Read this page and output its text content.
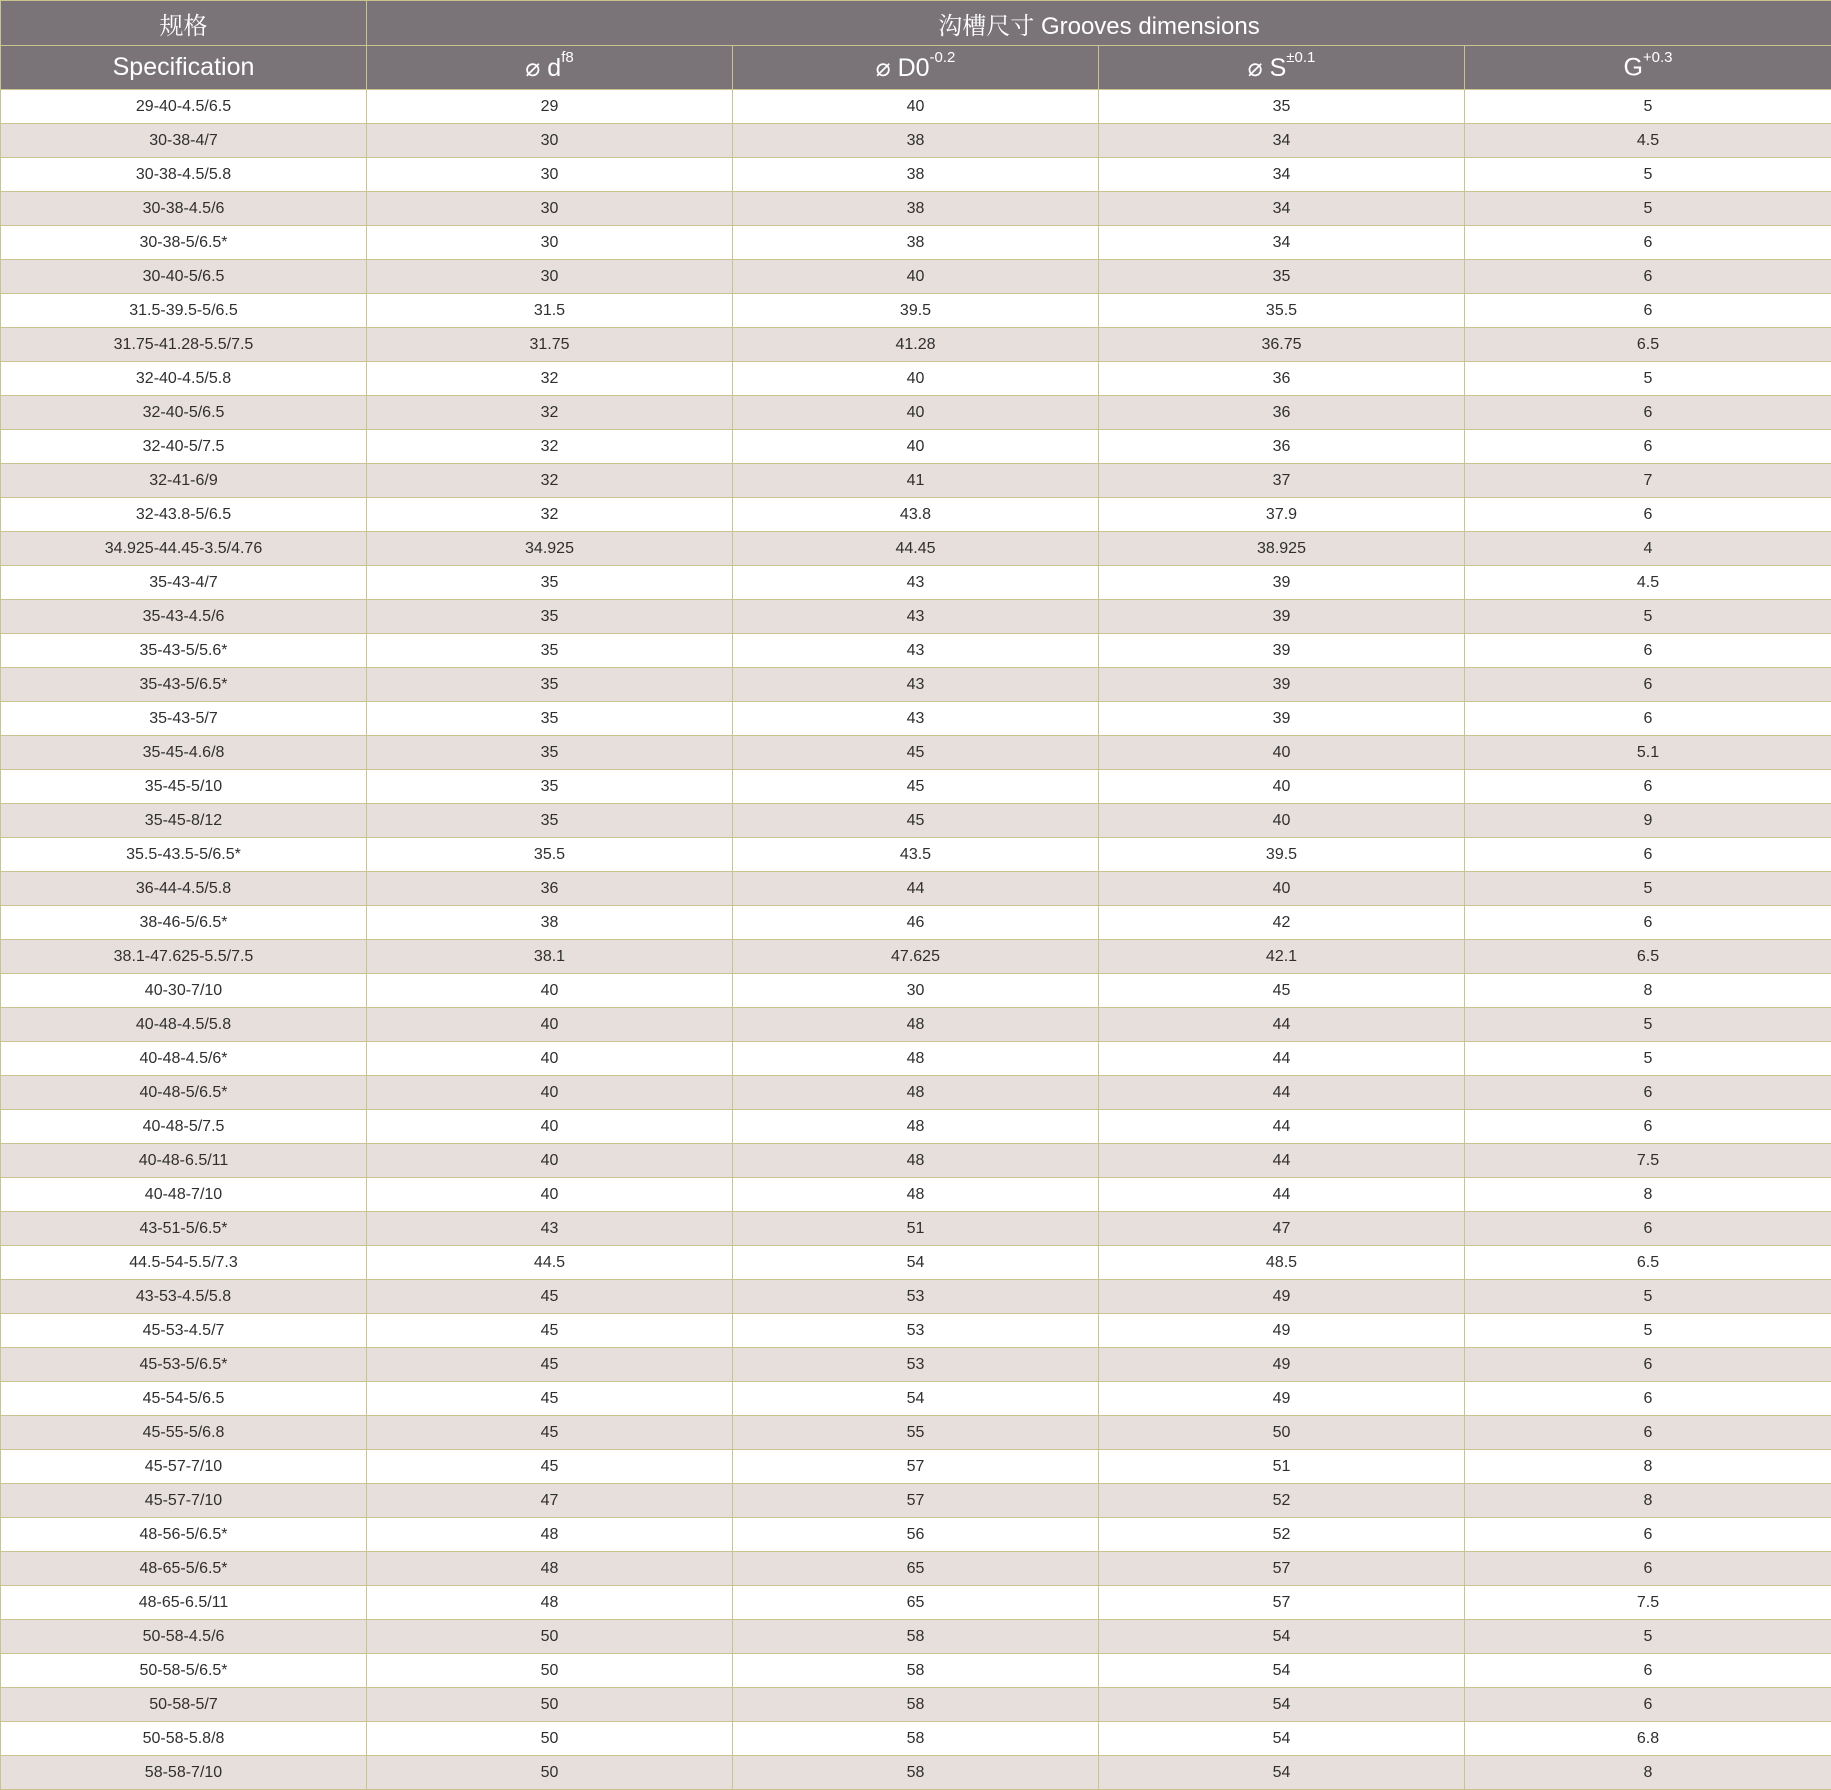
规格	沟槽尺寸 Grooves dimensions			
Specification	⌀ $d^{f8}$	⌀ $D0^{-0.2}$	⌀ $S^{\pm 0.1}$	$G^{+0.3}$
29-40-4.5/6.5	29	40	35	5
30-38-4/7	30	38	34	4.5
30-38-4.5/5.8	30	38	34	5
30-38-4.5/6	30	38	34	5
30-38-5/6.5*	30	38	34	6
30-40-5/6.5	30	40	35	6
31.5-39.5-5/6.5	31.5	39.5	35.5	6
31.75-41.28-5.5/7.5	31.75	41.28	36.75	6.5
32-40-4.5/5.8	32	40	36	5
32-40-5/6.5	32	40	36	6
32-40-5/7.5	32	40	36	6
32-41-6/9	32	41	37	7
32-43.8-5/6.5	32	43.8	37.9	6
34.925-44.45-3.5/4.76	34.925	44.45	38.925	4
35-43-4/7	35	43	39	4.5
35-43-4.5/6	35	43	39	5
35-43-5/5.6*	35	43	39	6
35-43-5/6.5*	35	43	39	6
35-43-5/7	35	43	39	6
35-45-4.6/8	35	45	40	5.1
35-45-5/10	35	45	40	6
35-45-8/12	35	45	40	9
35.5-43.5-5/6.5*	35.5	43.5	39.5	6
36-44-4.5/5.8	36	44	40	5
38-46-5/6.5*	38	46	42	6
38.1-47.625-5.5/7.5	38.1	47.625	42.1	6.5
40-30-7/10	40	30	45	8
40-48-4.5/5.8	40	48	44	5
40-48-4.5/6*	40	48	44	5
40-48-5/6.5*	40	48	44	6
40-48-5/7.5	40	48	44	6
40-48-6.5/11	40	48	44	7.5
40-48-7/10	40	48	44	8
43-51-5/6.5*	43	51	47	6
44.5-54-5.5/7.3	44.5	54	48.5	6.5
43-53-4.5/5.8	45	53	49	5
45-53-4.5/7	45	53	49	5
45-53-5/6.5*	45	53	49	6
45-54-5/6.5	45	54	49	6
45-55-5/6.8	45	55	50	6
45-57-7/10	45	57	51	8
45-57-7/10	47	57	52	8
48-56-5/6.5*	48	56	52	6
48-65-5/6.5*	48	65	57	6
48-65-6.5/11	48	65	57	7.5
50-58-4.5/6	50	58	54	5
50-58-5/6.5*	50	58	54	6
50-58-5/7	50	58	54	6
50-58-5.8/8	50	58	54	6.8
58-58-7/10	50	58	54	8
